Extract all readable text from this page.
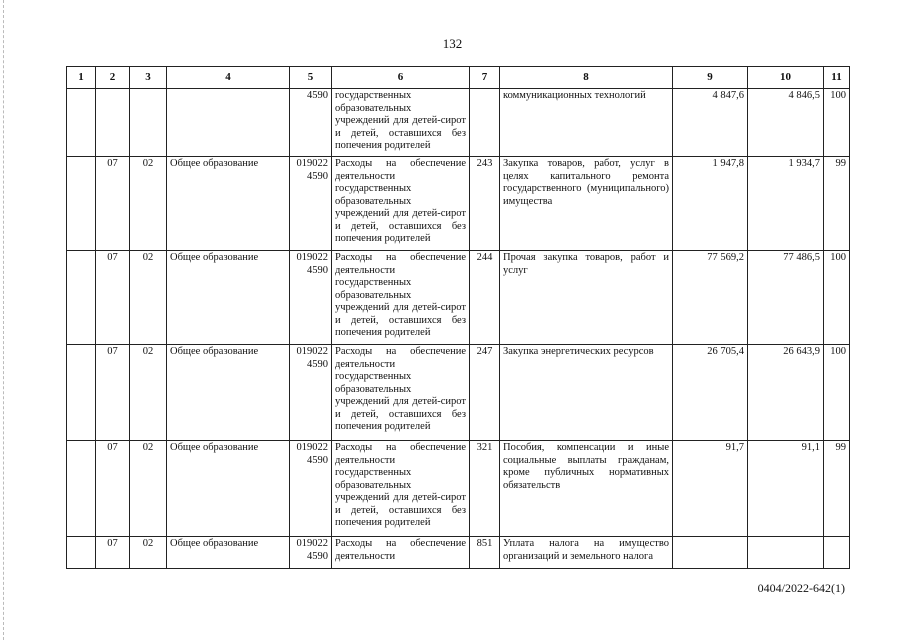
132
1	2	3	4	5	6	7	8	9	10	11
				4590	государственных образовательных учреждений для детей-сирот и детей, оставшихся без попечения родителей		коммуникационных технологий	4 847,6	4 846,5	100
	07	02	Общее образование	019022 4590	Расходы на обеспечение деятельности государственных образовательных учреждений для детей-сирот и детей, оставшихся без попечения родителей	243	Закупка товаров, работ, услуг в целях капитального ремонта государственного (муниципального) имущества	1 947,8	1 934,7	99
	07	02	Общее образование	019022 4590	Расходы на обеспечение деятельности государственных образовательных учреждений для детей-сирот и детей, оставшихся без попечения родителей	244	Прочая закупка товаров, работ и услуг	77 569,2	77 486,5	100
	07	02	Общее образование	019022 4590	Расходы на обеспечение деятельности государственных образовательных учреждений для детей-сирот и детей, оставшихся без попечения родителей	247	Закупка энергетических ресурсов	26 705,4	26 643,9	100
	07	02	Общее образование	019022 4590	Расходы на обеспечение деятельности государственных образовательных учреждений для детей-сирот и детей, оставшихся без попечения родителей	321	Пособия, компенсации и иные социальные выплаты гражданам, кроме публичных нормативных обязательств	91,7	91,1	99
	07	02	Общее образование	019022 4590	Расходы на обеспечение деятельности	851	Уплата налога на имущество организаций и земельного налога			
0404/2022-642(1)
